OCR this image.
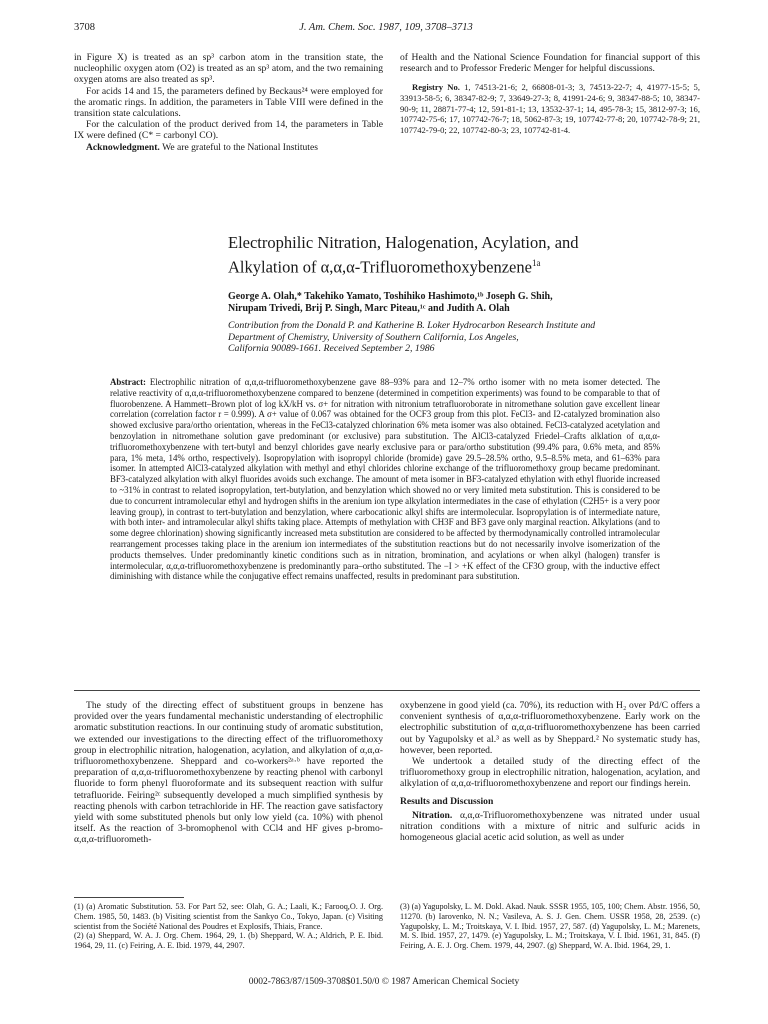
3708	J. Am. Chem. Soc. 1987, 109, 3708–3713

in Figure X) is treated as an sp³ carbon atom in the transition state, the nucleophilic oxygen atom (O2) is treated as an sp³ atom, and the two remaining oxygen atoms are also treated as sp³.

For acids 14 and 15, the parameters defined by Beckaus²⁴ were employed for the aromatic rings. In addition, the parameters in Table VIII were defined in the transition state calculations.

For the calculation of the product derived from 14, the parameters in Table IX were defined (C* = carbonyl CO).

Acknowledgment. We are grateful to the National Institutes

of Health and the National Science Foundation for financial support of this research and to Professor Frederic Menger for helpful discussions.

Registry No. 1, 74513-21-6; 2, 66808-01-3; 3, 74513-22-7; 4, 41977-15-5; 5, 33913-58-5; 6, 38347-82-9; 7, 33649-27-3; 8, 41991-24-6; 9, 38347-88-5; 10, 38347-90-9; 11, 28871-77-4; 12, 591-81-1; 13, 13532-37-1; 14, 495-78-3; 15, 3812-97-3; 16, 107742-75-6; 17, 107742-76-7; 18, 5062-87-3; 19, 107742-77-8; 20, 107742-78-9; 21, 107742-79-0; 22, 107742-80-3; 23, 107742-81-4.

Electrophilic Nitration, Halogenation, Acylation, and
Alkylation of α,α,α-Trifluoromethoxybenzene$^{1a}$
George A. Olah,* Takehiko Yamato, Toshihiko Hashimoto,¹ᵇ Joseph G. Shih,
Nirupam Trivedi, Brij P. Singh, Marc Piteau,¹ᶜ and Judith A. Olah
Contribution from the Donald P. and Katherine B. Loker Hydrocarbon Research Institute and
Department of Chemistry, University of Southern California, Los Angeles,
California 90089-1661. Received September 2, 1986
Abstract: Electrophilic nitration of α,α,α-trifluoromethoxybenzene gave 88–93% para and 12–7% ortho isomer with no meta isomer detected. The relative reactivity of α,α,α-trifluoromethoxybenzene compared to benzene (determined in competition experiments) was found to be comparable to that of fluorobenzene. A Hammett–Brown plot of log kX/kH vs. σ+ for nitration with nitronium tetrafluoroborate in nitromethane solution gave excellent linear correlation (correlation factor r = 0.999). A σ+ value of 0.067 was obtained for the OCF3 group from this plot. FeCl3- and I2-catalyzed bromination also showed exclusive para/ortho orientation, whereas in the FeCl3-catalyzed chlorination 6% meta isomer was also obtained. FeCl3-catalyzed acetylation and benzoylation in nitromethane solution gave predominant (or exclusive) para substitution. The AlCl3-catalyzed Friedel–Crafts alklation of α,α,α-trifluoromethoxybenzene with tert-butyl and benzyl chlorides gave nearly exclusive para or para/ortho substitution (99.4% para, 0.6% meta, and 85% para, 1% meta, 14% ortho, respectively). Isopropylation with isopropyl chloride (bromide) gave 29.5–28.5% ortho, 9.5–8.5% meta, and 61–63% para isomer. In attempted AlCl3-catalyzed alkylation with methyl and ethyl chlorides chlorine exchange of the trifluoromethoxy group became predominant. BF3-catalyzed alkylation with alkyl fluorides avoids such exchange. The amount of meta isomer in BF3-catalyzed ethylation with ethyl fluoride increased to ~31% in contrast to related isopropylation, tert-butylation, and benzylation which showed no or very limited meta substitution. This is considered to be due to concurrent intramolecular ethyl and hydrogen shifts in the arenium ion type alkylation intermediates in the case of ethylation (C2H5+ is a very poor leaving group), in contrast to tert-butylation and benzylation, where carbocationic alkyl shifts are intermolecular. Isopropylation is of intermediate nature, with both inter- and intramolecular alkyl shifts taking place. Attempts of methylation with CH3F and BF3 gave only marginal reaction. Alkylations (and to some degree chlorination) showing significantly increased meta substitution are considered to be affected by thermodynamically controlled intramolecular rearrangement processes taking place in the arenium ion intermediates of the substitution reactions but do not necessarily involve isomerization of the products themselves. Under predominantly kinetic conditions such as in nitration, bromination, and acylations or when alkyl (halogen) transfer is intermolecular, α,α,α-trifluoromethoxybenzene is predominantly para–ortho substituted. The −I > +K effect of the CF3O group, with the inductive effect diminishing with distance while the conjugative effect remains unaffected, results in predominant para substitution.

The study of the directing effect of substituent groups in benzene has provided over the years fundamental mechanistic understanding of electrophilic aromatic substitution reactions. In our continuing study of aromatic substitution, we extended our investigations to the directing effect of the trifluoromethoxy group in electrophilic nitration, halogenation, acylation, and alkylation of α,α,α-trifluoromethoxybenzene. Sheppard and co-workers²ᵃ·ᵇ have reported the preparation of α,α,α-trifluoromethoxybenzene by reacting phenol with carbonyl fluoride to form phenyl fluoroformate and its subsequent reaction with sulfur tetrafluoride. Feiring²ᶜ subsequently developed a much simplified synthesis by reacting phenols with carbon tetrachloride in HF. The reaction gave satisfactory yield with some substituted phenols but only low yield (ca. 10%) with phenol itself. As the reaction of 3-bromophenol with CCl4 and HF gives p-bromo-α,α,α-trifluorometh-

oxybenzene in good yield (ca. 70%), its reduction with H₂ over Pd/C offers a convenient synthesis of α,α,α-trifluoromethoxybenzene. Early work on the electrophilic substitution of α,α,α-trifluoromethoxybenzene has been carried out by Yagupolsky et al.³ as well as by Sheppard.² No systematic study has, however, been reported.

We undertook a detailed study of the directing effect of the trifluoromethoxy group in electrophilic nitration, halogenation, acylation, and alkylation of α,α,α-trifluoromethoxybenzene and report our findings herein.

Results and Discussion

Nitration. α,α,α-Trifluoromethoxybenzene was nitrated under usual nitration conditions with a mixture of nitric and sulfuric acids in homogeneous glacial acetic acid solution, as well as under

(1) (a) Aromatic Substitution. 53. For Part 52, see: Olah, G. A.; Laali, K.; Farooq,O. J. Org. Chem. 1985, 50, 1483. (b) Visiting scientist from the Sankyo Co., Tokyo, Japan. (c) Visiting scientist from the Société National des Poudres et Explosifs, Thiais, France.
(2) (a) Sheppard, W. A. J. Org. Chem. 1964, 29, 1. (b) Sheppard, W. A.; Aldrich, P. E. Ibid. 1964, 29, 11. (c) Feiring, A. E. Ibid. 1979, 44, 2907.
(3) (a) Yagupolsky, L. M. Dokl. Akad. Nauk. SSSR 1955, 105, 100; Chem. Abstr. 1956, 50, 11270. (b) Iarovenko, N. N.; Vasileva, A. S. J. Gen. Chem. USSR 1958, 28, 2539. (c) Yagupolsky, L. M.; Troitskaya, V. I. Ibid. 1957, 27, 587. (d) Yagupolsky, L. M.; Marenets, M. S. Ibid. 1957, 27, 1479. (e) Yagupolsky, L. M.; Troitskaya, V. I. Ibid. 1961, 31, 845. (f) Feiring, A. E. J. Org. Chem. 1979, 44, 2907. (g) Sheppard, W. A. Ibid. 1964, 29, 1.
0002-7863/87/1509-3708$01.50/0 © 1987 American Chemical Society
